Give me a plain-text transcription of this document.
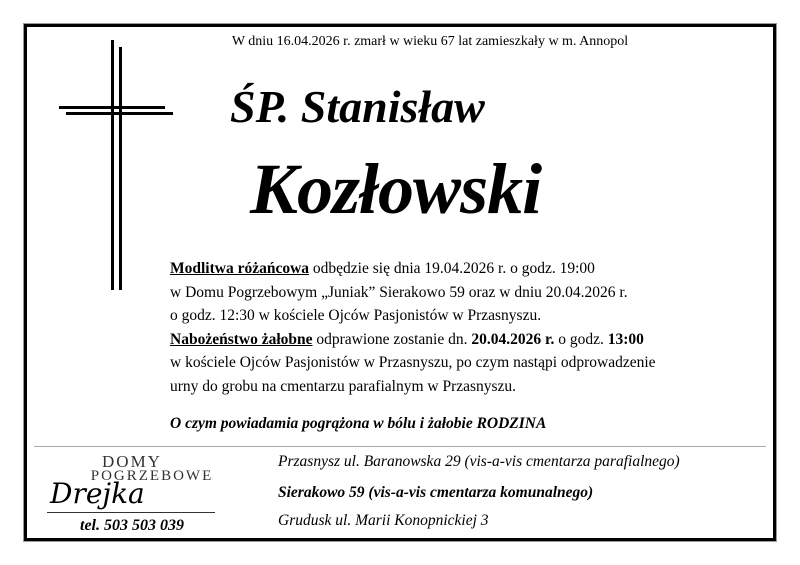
W dniu 16.04.2026 r. zmarł w wieku 67 lat zamieszkały w m. Annopol
ŚP. Stanisław
Kozłowski
Modlitwa różańcowa odbędzie się dnia 19.04.2026 r. o godz. 19:00
w Domu Pogrzebowym „Juniak” Sierakowo 59 oraz w dniu 20.04.2026 r.
o godz. 12:30 w kościele Ojców Pasjonistów w Przasnyszu.
Nabożeństwo żałobne odprawione zostanie dn. 20.04.2026 r. o godz. 13:00
w kościele Ojców Pasjonistów w Przasnyszu, po czym nastąpi odprowadzenie
urny do grobu na cmentarzu parafialnym w Przasnyszu.
O czym powiadamia pogrążona w bólu i żałobie RODZINA
DOMY
POGRZEBOWE
Drejka
tel. 503 503 039
Przasnysz ul. Baranowska 29 (vis-a-vis cmentarza parafialnego)
Sierakowo 59 (vis-a-vis cmentarza komunalnego)
Grudusk ul. Marii Konopnickiej 3
